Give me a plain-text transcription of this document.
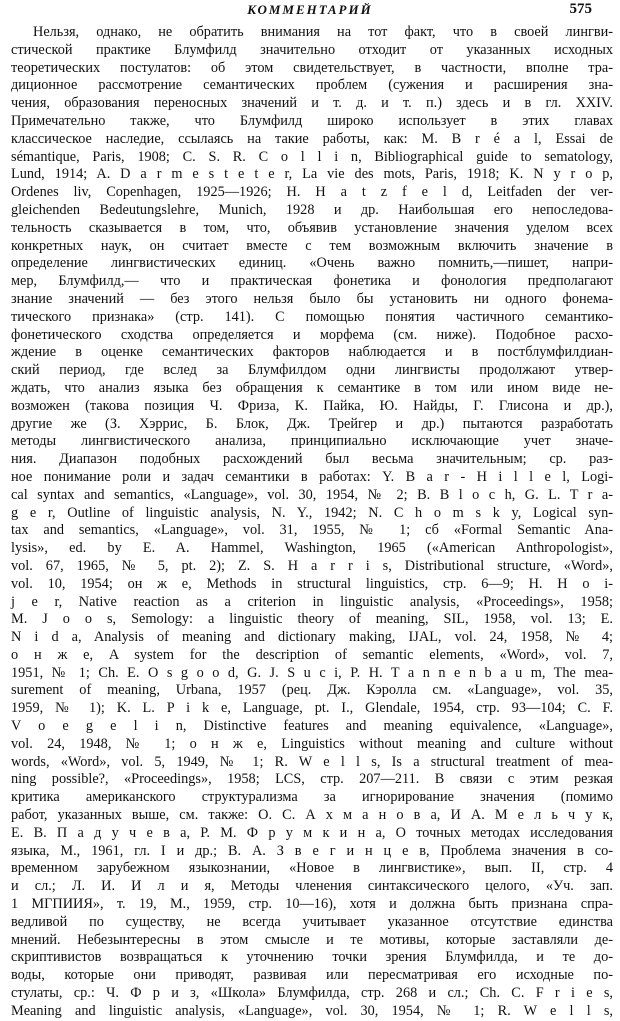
КОММЕНТАРИЙ	575
Нельзя, однако, не обратить внимания на тот факт, что в своей лингви-
стической практике Блумфилд значительно отходит от указанных исходных
теоретических постулатов: об этом свидетельствует, в частности, вполне тра-
диционное рассмотрение семантических проблем (сужения и расширения зна-
чения, образования переносных значений и т. д. и т. п.) здесь и в гл. XXIV.
Примечательно также, что Блумфилд широко использует в этих главах
классическое наследие, ссылаясь на такие работы, как: M. B r é a l, Essai de
sémantique, Paris, 1908; C. S. R. C o l l i n, Bibliographical guide to sematology,
Lund, 1914; A. D a r m e s t e t e r, La vie des mots, Paris, 1918; K. N y r o p,
Ordenes liv, Copenhagen, 1925—1926; H. H a t z f e l d, Leitfaden der ver-
gleichenden Bedeutungslehre, Munich, 1928 и др. Наибольшая его непоследова-
тельность сказывается в том, что, объявив установление значения уделом всех
конкретных наук, он считает вместе с тем возможным включить значение в
определение лингвистических единиц. «Очень важно помнить,—пишет, напри-
мер, Блумфилд,— что и практическая фонетика и фонология предполагают
знание значений — без этого нельзя было бы установить ни одного фонема-
тического признака» (стр. 141). С помощью понятия частичного семантико-
фонетического сходства определяется и морфема (см. ниже). Подобное расхо-
ждение в оценке семантических факторов наблюдается и в постблумфилдиан-
ский период, где вслед за Блумфилдом одни лингвисты продолжают утвер-
ждать, что анализ языка без обращения к семантике в том или ином виде не-
возможен (такова позиция Ч. Фриза, К. Пайка, Ю. Найды, Г. Глисона и др.),
другие же (З. Хэррис, Б. Блок, Дж. Трейгер и др.) пытаются разработать
методы лингвистического анализа, принципиально исключающие учет значе-
ния. Диапазон подобных расхождений был весьма значительным; ср. раз-
ное понимание роли и задач семантики в работах: Y. B a r - H i l l e l, Logi-
cal syntax and semantics, «Language», vol. 30, 1954, № 2; B. B l o c h, G. L. T r a-
g e r, Outline of linguistic analysis, N. Y., 1942; N. C h o m s k y, Logical syn-
tax and semantics, «Language», vol. 31, 1955, № 1; сб «Formal Semantic Ana-
lysis», ed. by E. A. Hammel, Washington, 1965 («American Anthropologist»,
vol. 67, 1965, № 5, pt. 2); Z. S. H a r r i s, Distributional structure, «Word»,
vol. 10, 1954; он ж е, Methods in structural linguistics, стр. 6—9; H. H o i-
j e r, Native reaction as a criterion in linguistic analysis, «Proceedings», 1958;
M. J o o s, Semology: a linguistic theory of meaning, SIL, 1958, vol. 13; E.
N i d a, Analysis of meaning and dictionary making, IJAL, vol. 24, 1958, № 4;
о н ж е, A system for the description of semantic elements, «Word», vol. 7,
1951, № 1; Ch. E. O s g o o d, G. J. S u c i, P. H. T a n n e n b a u m, The mea-
surement of meaning, Urbana, 1957 (рец. Дж. Кэролла см. «Language», vol. 35,
1959, № 1); K. L. P i k e, Language, pt. I., Glendale, 1954, стр. 93—104; C. F.
V o e g e l i n, Distinctive features and meaning equivalence, «Language»,
vol. 24, 1948, № 1; о н ж е, Linguistics without meaning and culture without
words, «Word», vol. 5, 1949, № 1; R. W e l l s, Is a structural treatment of mea-
ning possible?, «Proceedings», 1958; LCS, стр. 207—211. В связи с этим резкая
критика американского структурализма за игнорирование значения (помимо
работ, указанных выше, см. также: О. С. А х м а н о в а, И А. М е л ь ч у к,
Е. В. П а д у ч е в а, Р. М. Ф р у м к и н а, О точных методах исследования
языка, М., 1961, гл. I и др.; В. А. З в е г и н ц е в, Проблема значения в со-
временном зарубежном языкознании, «Новое в лингвистике», вып. II, стр. 4
и сл.; Л. И. И л и я, Методы членения синтаксического целого, «Уч. зап.
1 МГПИИЯ», т. 19, М., 1959, стр. 10—16), хотя и должна быть признана спра-
ведливой по существу, не всегда учитывает указанное отсутствие единства
мнений. Небезынтересны в этом смысле и те мотивы, которые заставляли де-
скриптивистов возвращаться к уточнению точки зрения Блумфилда, и те до-
воды, которые они приводят, развивая или пересматривая его исходные по-
стулаты, ср.: Ч. Ф р и з, «Школа» Блумфилда, стр. 268 и сл.; Ch. C. F r i e s,
Meaning and linguistic analysis, «Language», vol. 30, 1954, № 1; R. W e l l s,
